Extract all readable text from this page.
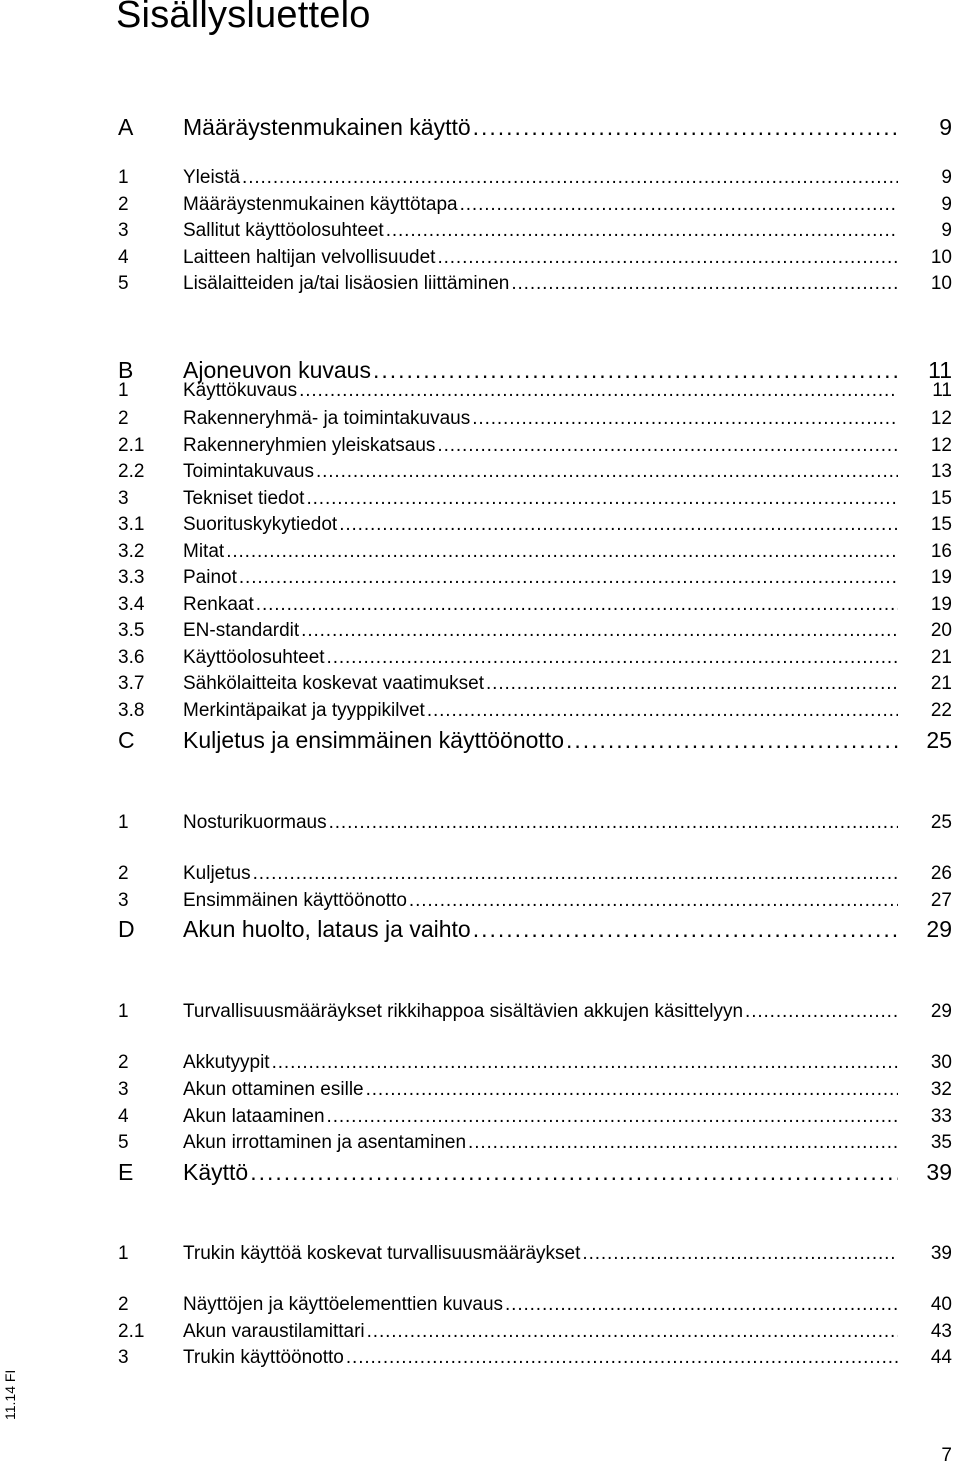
Sisällysluettelo
A Määräystenmukainen käyttö . . .	9
1	Yleistä . . .	9
2	Määräystenmukainen käyttötapa . . .	9
3	Sallitut käyttöolosuhteet . . .	9
4	Laitteen haltijan velvollisuudet . . .	10
5	Lisälaitteiden ja/tai lisäosien liittäminen . . .	10
B Ajoneuvon kuvaus . . .	11
1	Käyttökuvaus . . .	11
2	Rakenneryhmä- ja toimintakuvaus . . .	12
2.1 Rakenneryhmien yleiskatsaus . . .	12
2.2 Toimintakuvaus . . .	13
3	Tekniset tiedot . . .	15
3.1 Suorituskykytiedot . . .	15
3.2 Mitat . . .	16
3.3 Painot . . .	19
3.4 Renkaat . . .	19
3.5 EN-standardit . . .	20
3.6 Käyttöolosuhteet . . .	21
3.7 Sähkölaitteita koskevat vaatimukset . . .	21
3.8 Merkintäpaikat ja tyyppikilvet . . .	22
C Kuljetus ja ensimmäinen käyttöönotto . . .	25
1	Nosturikuormaus . . .	25
2	Kuljetus . . .	26
3	Ensimmäinen käyttöönotto . . .	27
D Akun huolto, lataus ja vaihto . . .	29
1	Turvallisuusmääräykset rikkihappoa sisältävien akkujen käsittelyyn . . .	29
2	Akkutyypit . . .	30
3	Akun ottaminen esille . . .	32
4	Akun lataaminen . . .	33
5	Akun irrottaminen ja asentaminen . . .	35
E Käyttö . . .	39
1	Trukin käyttöä koskevat turvallisuusmääräykset . . .	39
2	Näyttöjen ja käyttöelementtien kuvaus . . .	40
2.1 Akun varaustilamittari . . .	43
3	Trukin käyttöönotto . . .	44
11.14 FI
7
